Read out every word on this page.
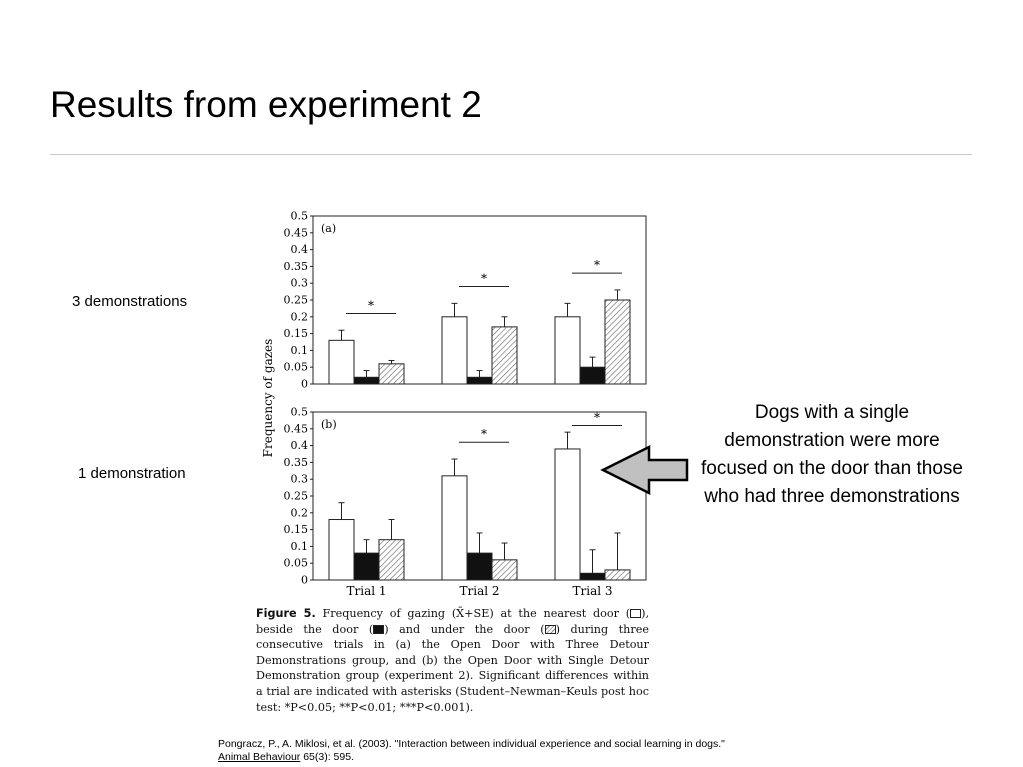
Results from experiment 2
3 demonstrations
1 demonstration
(a)
0
0.05
0.1
0.15
0.2
0.25
0.3
0.35
0.4
0.45
0.5
*
*
*
(b)
0
0.05
0.1
0.15
0.2
0.25
0.3
0.35
0.4
0.45
0.5
*
*
Trial 1	Trial 2	Trial 3
Frequency of gazes	Dogs with a single demonstration were more focused on the door than those who had three demonstrations
Figure 5. Frequency of gazing (X̄+SE) at the nearest door ( ), beside the door ( ) and under the door ( ) during three consecutive trials in (a) the Open Door with Three Detour Demonstrations group, and (b) the Open Door with Single Detour Demonstration group (experiment 2). Significant differences within a trial are indicated with asterisks (Student–Newman–Keuls post hoc test: *P<0.05; **P<0.01; ***P<0.001).
Pongracz, P., A. Miklosi, et al. (2003). "Interaction between individual experience and social learning in dogs."
Animal Behaviour 65(3): 595.
